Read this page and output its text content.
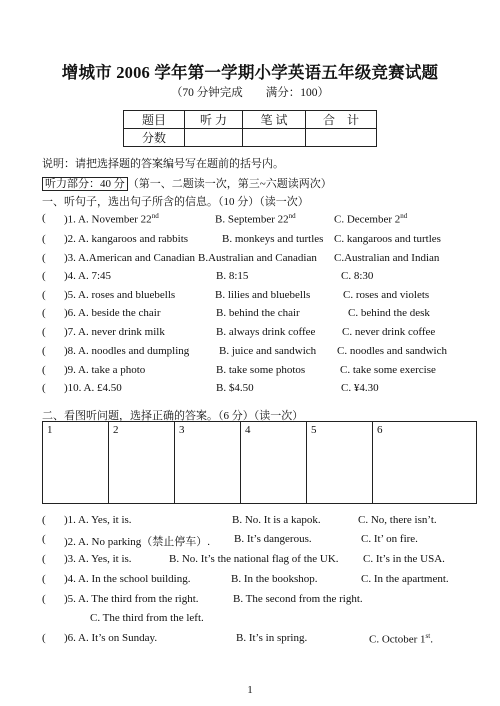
增城市 2006 学年第一学期小学英语五年级竞赛试题
（70 分钟完成　　满分：100）
题目	听 力	笔 试	合　计
分数			
说明：请把选择题的答案编号写在题前的括号内。
听力部分：40 分 （第一、二题读一次，第三~六题读两次）
一、听句子，选出句子所含的信息。（10 分）（读一次）
( )1. A. November 22nd	B. September 22nd	C. December 2nd
( )2. A. kangaroos and rabbits	B. monkeys and turtles C. kangaroos and turtles
( )3. A.American and Canadian B.Australian and Canadian C.Australian and Indian
( )4. A. 7:45	B. 8:15	C. 8:30
( )5. A. roses and bluebells	B. lilies and bluebells	C. roses and violets
( )6. A. beside the chair	B. behind the chair	C. behind the desk
( )7. A. never drink milk	B. always drink coffee C. never drink coffee
( )8. A. noodles and dumpling	B. juice and sandwich C. noodles and sandwich
( )9. A. take a photo	B. take some photos	C. take some exercise
( )10. A. £4.50	B. $4.50	C. ¥4.30
二、看图听问题，选择正确的答案。（6 分）（读一次）
1	2	3	4	5	6
( )1. A. Yes, it is.	B. No. It is a kapok.	C. No, there isn’t.
( )2. A. No parking（禁止停车）. B. It’s dangerous.	C. It’ on fire.
( )3. A. Yes, it is.	B. No. It’s the national flag of the UK. C. It’s in the USA.
( )4. A. In the school building.	B. In the bookshop.	C. In the apartment.
( )5. A. The third from the right.	B. The second from the right.
C. The third from the left.
( )6. A. It’s on Sunday.	B. It’s in spring.	C. October 1st.
1
